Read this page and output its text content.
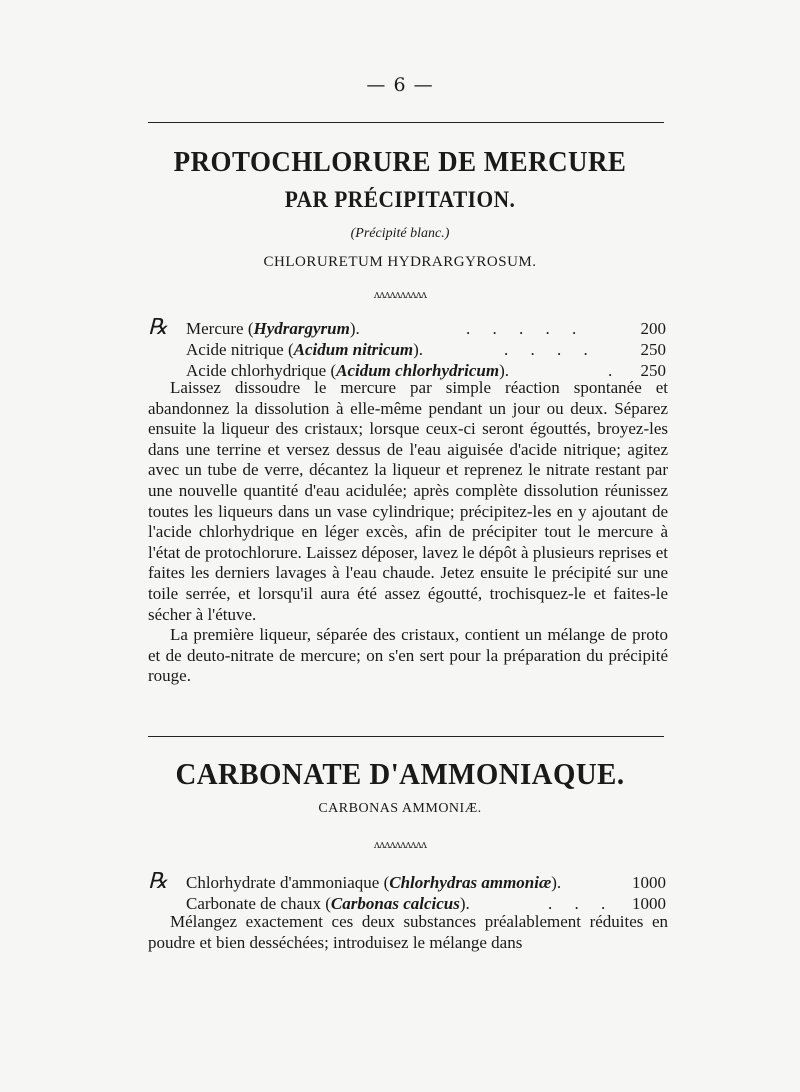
— 6 —
PROTOCHLORURE DE MERCURE
PAR PRÉCIPITATION.
(Précipité blanc.)
CHLORURETUM HYDRARGYROSUM.
ʌʌʌʌʌʌʌʌʌʌ
℞ Mercure (Hydrargyrum).	. . . . .	200
Acide nitrique (Acidum nitricum).	. . . .	250
Acide chlorhydrique (Acidum chlorhydricum).	. 250

Laissez dissoudre le mercure par simple réaction spontanée et abandonnez la dissolution à elle-même pendant un jour ou deux. Séparez ensuite la liqueur des cristaux; lorsque ceux-ci seront égouttés, broyez-les dans une terrine et versez dessus de l'eau aiguisée d'acide nitrique; agitez avec un tube de verre, décantez la liqueur et reprenez le nitrate restant par une nouvelle quantité d'eau acidulée; après complète dissolution réunissez toutes les liqueurs dans un vase cylindrique; précipitez-les en y ajoutant de l'acide chlorhydrique en léger excès, afin de précipiter tout le mercure à l'état de protochlorure. Laissez déposer, lavez le dépôt à plusieurs reprises et faites les derniers lavages à l'eau chaude. Jetez ensuite le précipité sur une toile serrée, et lorsqu'il aura été assez égoutté, trochisquez-le et faites-le sécher à l'étuve.

La première liqueur, séparée des cristaux, contient un mélange de proto et de deuto-nitrate de mercure; on s'en sert pour la préparation du précipité rouge.

CARBONATE D'AMMONIAQUE.
CARBONAS AMMONIÆ.
ʌʌʌʌʌʌʌʌʌʌ
℞ Chlorhydrate d'ammoniaque (Chlorhydras ammoniæ).	1000
Carbonate de chaux (Carbonas calcicus).	. . . 1000

Mélangez exactement ces deux substances préalablement réduites en poudre et bien desséchées; introduisez le mélange dans
